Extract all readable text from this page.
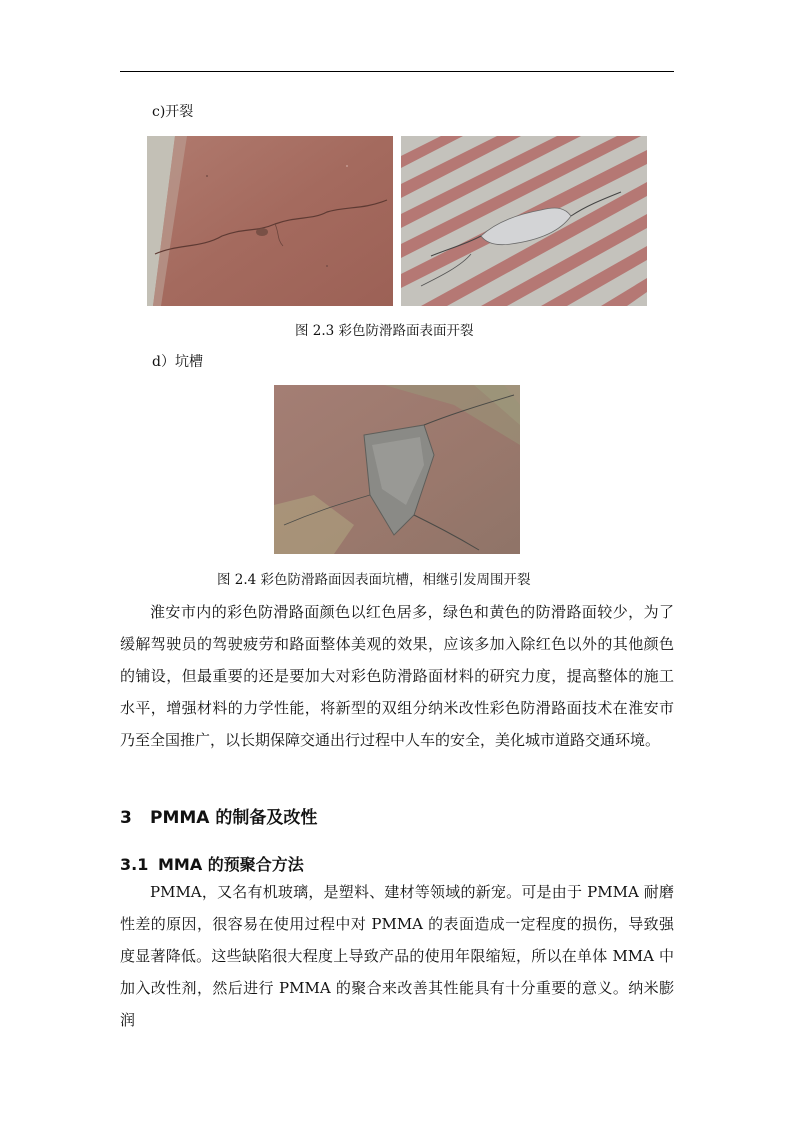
c)开裂
图 2.3 彩色防滑路面表面开裂
d）坑槽
图 2.4 彩色防滑路面因表面坑槽，相继引发周围开裂

淮安市内的彩色防滑路面颜色以红色居多，绿色和黄色的防滑路面较少，为了缓解驾驶员的驾驶疲劳和路面整体美观的效果，应该多加入除红色以外的其他颜色的铺设，但最重要的还是要加大对彩色防滑路面材料的研究力度，提高整体的施工水平，增强材料的力学性能，将新型的双组分纳米改性彩色防滑路面技术在淮安市乃至全国推广，以长期保障交通出行过程中人车的安全，美化城市道路交通环境。

3 PMMA 的制备及改性
3.1 MMA 的预聚合方法

PMMA，又名有机玻璃，是塑料、建材等领域的新宠。可是由于 PMMA 耐磨性差的原因，很容易在使用过程中对 PMMA 的表面造成一定程度的损伤，导致强度显著降低。这些缺陷很大程度上导致产品的使用年限缩短，所以在单体 MMA 中加入改性剂，然后进行 PMMA 的聚合来改善其性能具有十分重要的意义。纳米膨润
